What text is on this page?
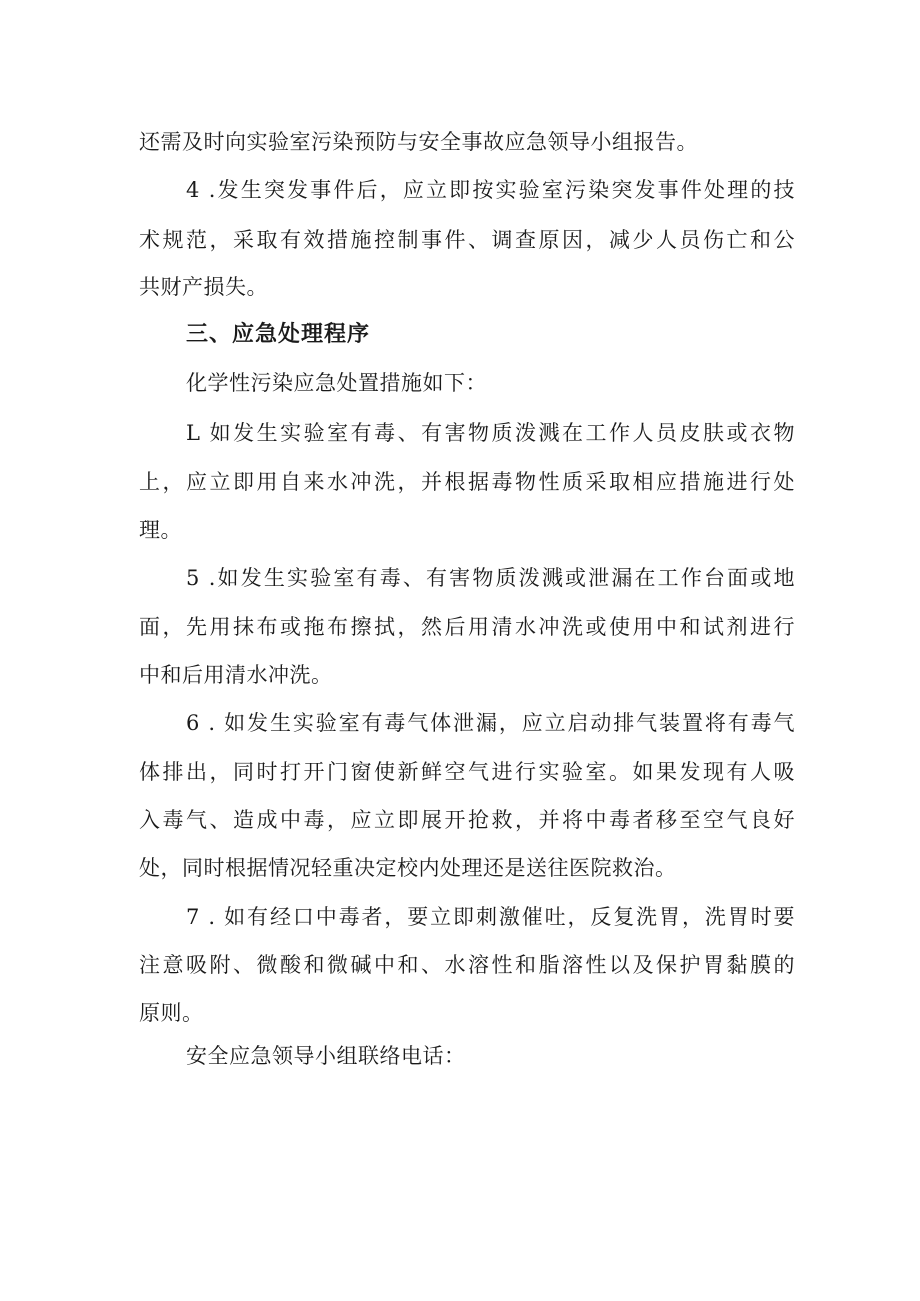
还需及时向实验室污染预防与安全事故应急领导小组报告。
4 .发生突发事件后，应立即按实验室污染突发事件处理的技
术规范，采取有效措施控制事件、调查原因，减少人员伤亡和公
共财产损失。
三、应急处理程序
化学性污染应急处置措施如下：
L 如发生实验室有毒、有害物质泼溅在工作人员皮肤或衣物
上，应立即用自来水冲洗，并根据毒物性质采取相应措施进行处
理。
5 .如发生实验室有毒、有害物质泼溅或泄漏在工作台面或地
面，先用抹布或拖布擦拭，然后用清水冲洗或使用中和试剂进行
中和后用清水冲洗。
6 . 如发生实验室有毒气体泄漏，应立启动排气装置将有毒气
体排出，同时打开门窗使新鲜空气进行实验室。如果发现有人吸
入毒气、造成中毒，应立即展开抢救，并将中毒者移至空气良好
处，同时根据情况轻重决定校内处理还是送往医院救治。
7 . 如有经口中毒者，要立即刺激催吐，反复洗胃，洗胃时要
注意吸附、微酸和微碱中和、水溶性和脂溶性以及保护胃黏膜的
原则。
安全应急领导小组联络电话：
